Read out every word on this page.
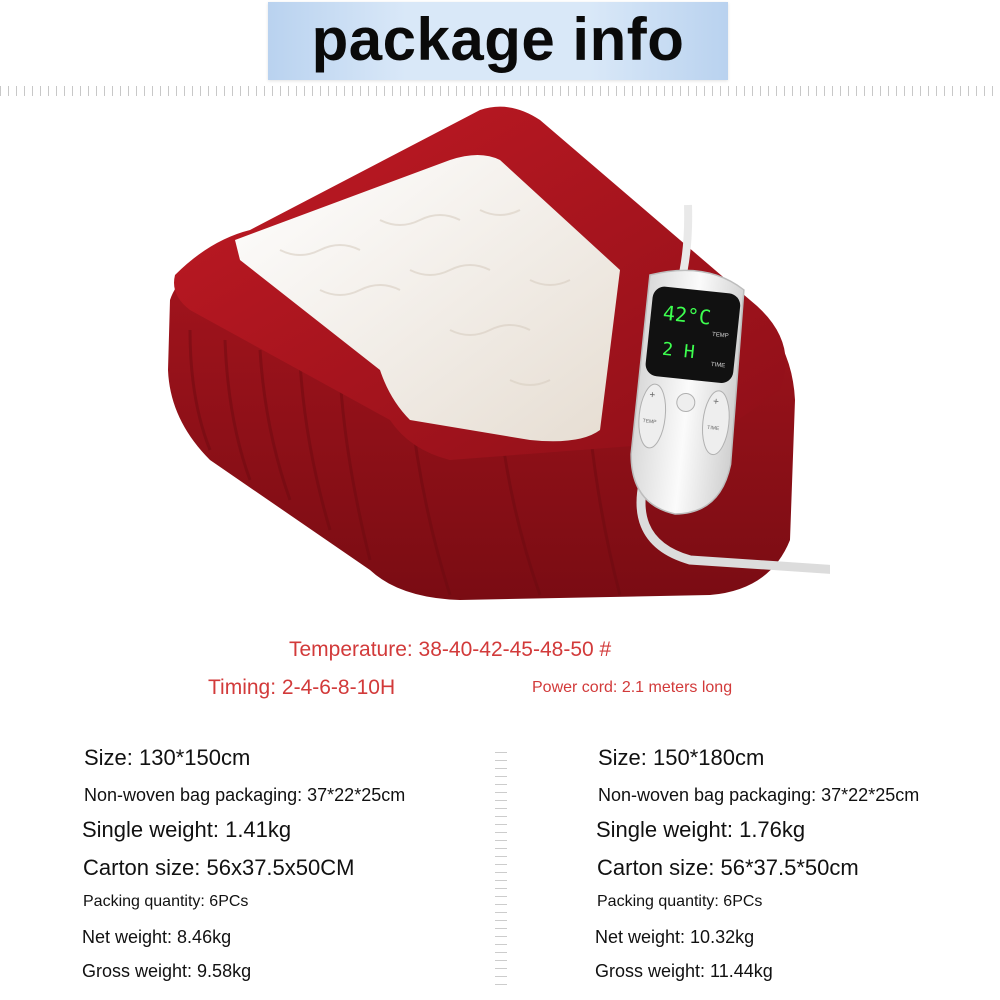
package info
42°C
TEMP
2 H
TIME
+
+
TEMP
TIME
Temperature: 38-40-42-45-48-50 #
Timing: 2-4-6-8-10H	Power cord: 2.1 meters long
Size: 130*150cm
Non-woven bag packaging: 37*22*25cm
Single weight: 1.41kg
Carton size: 56x37.5x50CM
Packing quantity: 6PCs
Net weight: 8.46kg
Gross weight: 9.58kg
Size: 150*180cm
Non-woven bag packaging: 37*22*25cm
Single weight: 1.76kg
Carton size: 56*37.5*50cm
Packing quantity: 6PCs
Net weight: 10.32kg
Gross weight: 11.44kg
